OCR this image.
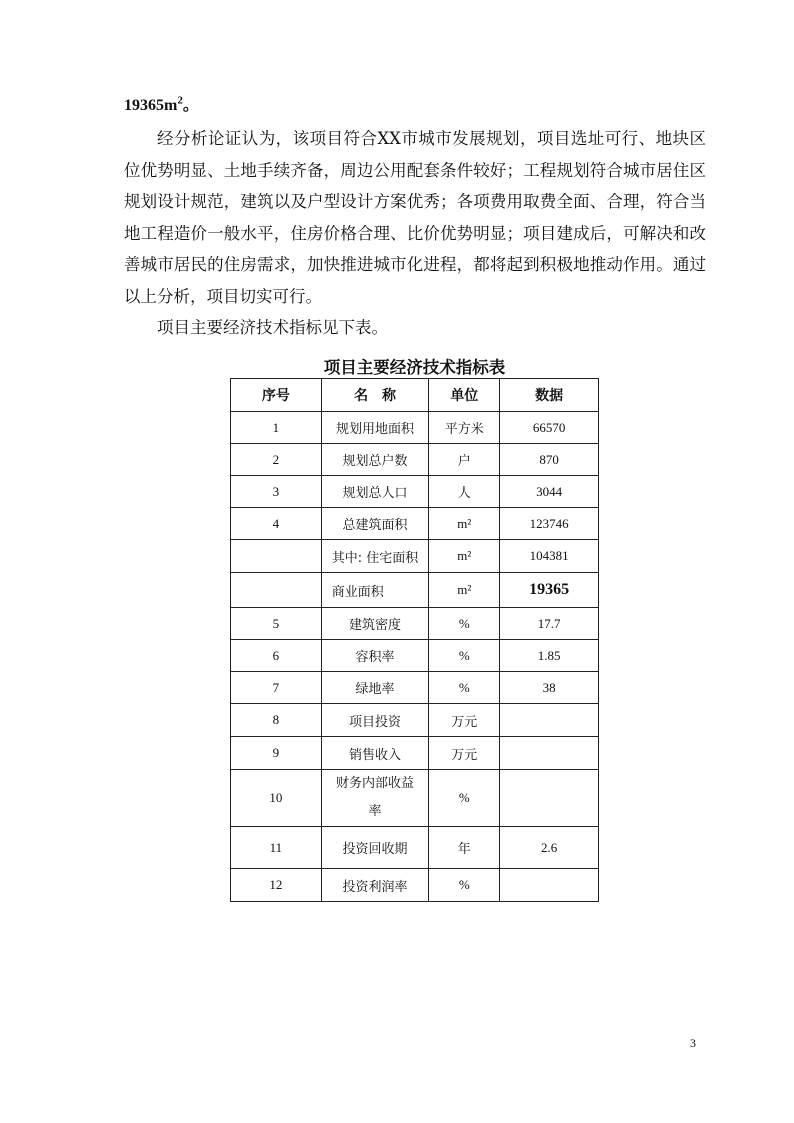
$19365m^2$。

经分析论证认为，该项目符合XX市城市发展规划，项目选址可行、地块区位优势明显、土地手续齐备，周边公用配套条件较好；工程规划符合城市居住区规划设计规范，建筑以及户型设计方案优秀；各项费用取费全面、合理，符合当地工程造价一般水平，住房价格合理、比价优势明显；项目建成后，可解决和改善城市居民的住房需求，加快推进城市化进程，都将起到积极地推动作用。通过以上分析，项目切实可行。

项目主要经济技术指标见下表。

项目主要经济技术指标表
序号	名　称	单位	数据
1	规划用地面积	平方米	66570
2	规划总户数	户	870
3	规划总人口	人	3044
4	总建筑面积	m²	123746
	其中: 住宅面积	m²	104381
	商业面积	m²	19365
5	建筑密度	%	17.7
6	容积率	%	1.85
7	绿地率	%	38
8	项目投资	万元	
9	销售收入	万元	
10	财务内部收益率	%	
11	投资回收期	年	2.6
12	投资利润率	%	
3
